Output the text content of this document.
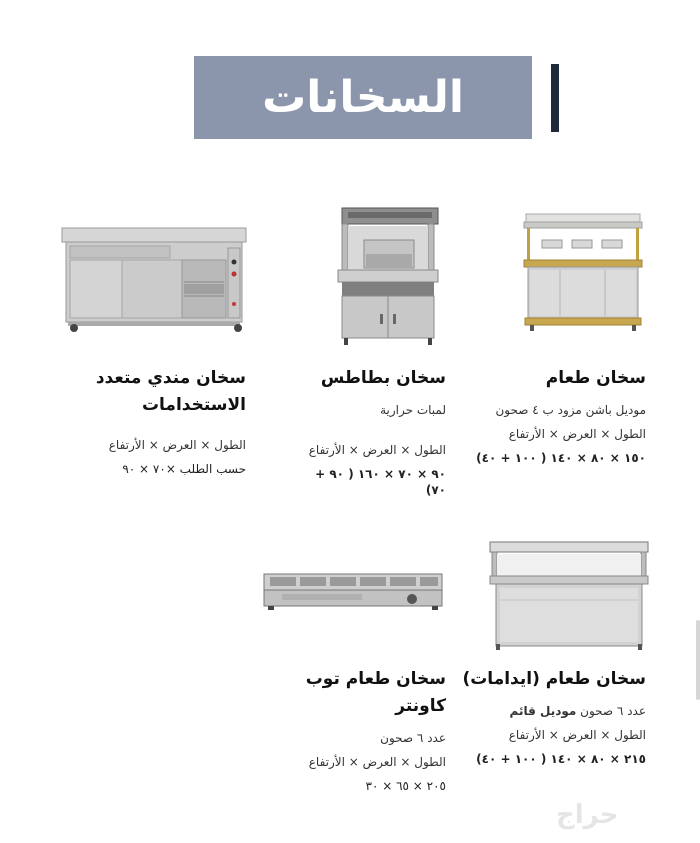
السخانات
سخان طعام
موديل باشن مزود ب ٤ صحون
الطول × العرض × الأرتفاع
١٥٠ × ٨٠ × ١٤٠ ( ١٠٠ + ٤٠)
سخان بطاطس
لمبات حرارية
الطول × العرض × الأرتفاع
٩٠ × ٧٠ × ١٦٠ ( ٩٠ + ٧٠)
سخان مندي متعدد الاستخدامات
الطول × العرض × الأرتفاع
حسب الطلب ×٧٠ × ٩٠
سخان طعام (ايدامات)
عدد ٦ صحون موديل قائم
الطول × العرض × الأرتفاع
٢١٥ × ٨٠ × ١٤٠ ( ١٠٠ + ٤٠)
سخان طعام توب كاونتر
عدد ٦ صحون
الطول × العرض × الأرتفاع
٢٠٥ × ٦٥ × ٣٠
حراج
